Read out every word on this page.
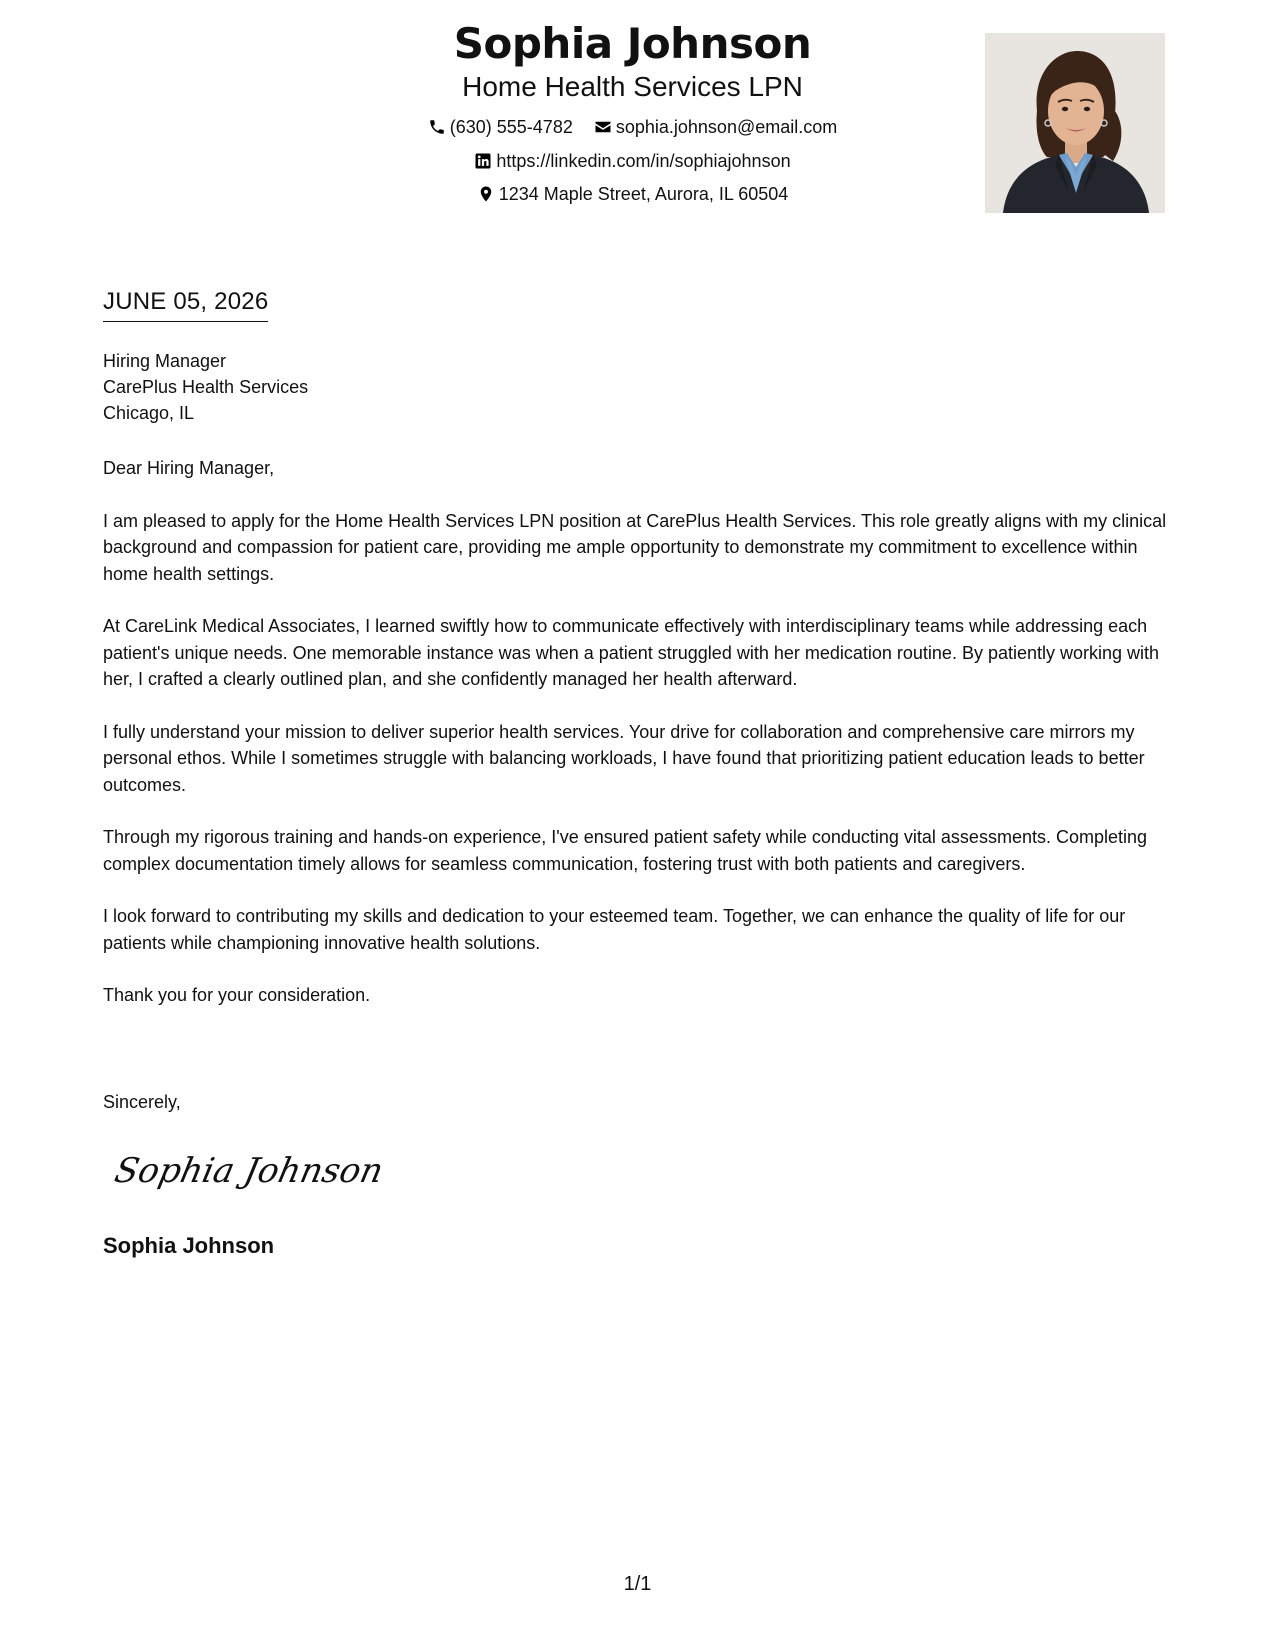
Sophia Johnson
Home Health Services LPN
(630) 555-4782
sophia.johnson@email.com
https://linkedin.com/in/sophiajohnson
1234 Maple Street, Aurora, IL 60504
JUNE 05, 2026
Hiring Manager
CarePlus Health Services
Chicago, IL

Dear Hiring Manager,

I am pleased to apply for the Home Health Services LPN position at CarePlus Health Services. This role greatly aligns with my clinical background and compassion for patient care, providing me ample opportunity to demonstrate my commitment to excellence within home health settings.

At CareLink Medical Associates, I learned swiftly how to communicate effectively with interdisciplinary teams while addressing each patient's unique needs. One memorable instance was when a patient struggled with her medication routine. By patiently working with her, I crafted a clearly outlined plan, and she confidently managed her health afterward.

I fully understand your mission to deliver superior health services. Your drive for collaboration and comprehensive care mirrors my personal ethos. While I sometimes struggle with balancing workloads, I have found that prioritizing patient education leads to better outcomes.

Through my rigorous training and hands-on experience, I've ensured patient safety while conducting vital assessments. Completing complex documentation timely allows for seamless communication, fostering trust with both patients and caregivers.

I look forward to contributing my skills and dedication to your esteemed team. Together, we can enhance the quality of life for our patients while championing innovative health solutions.

Thank you for your consideration.

Sincerely,
Sophia Johnson
Sophia Johnson
1/1
